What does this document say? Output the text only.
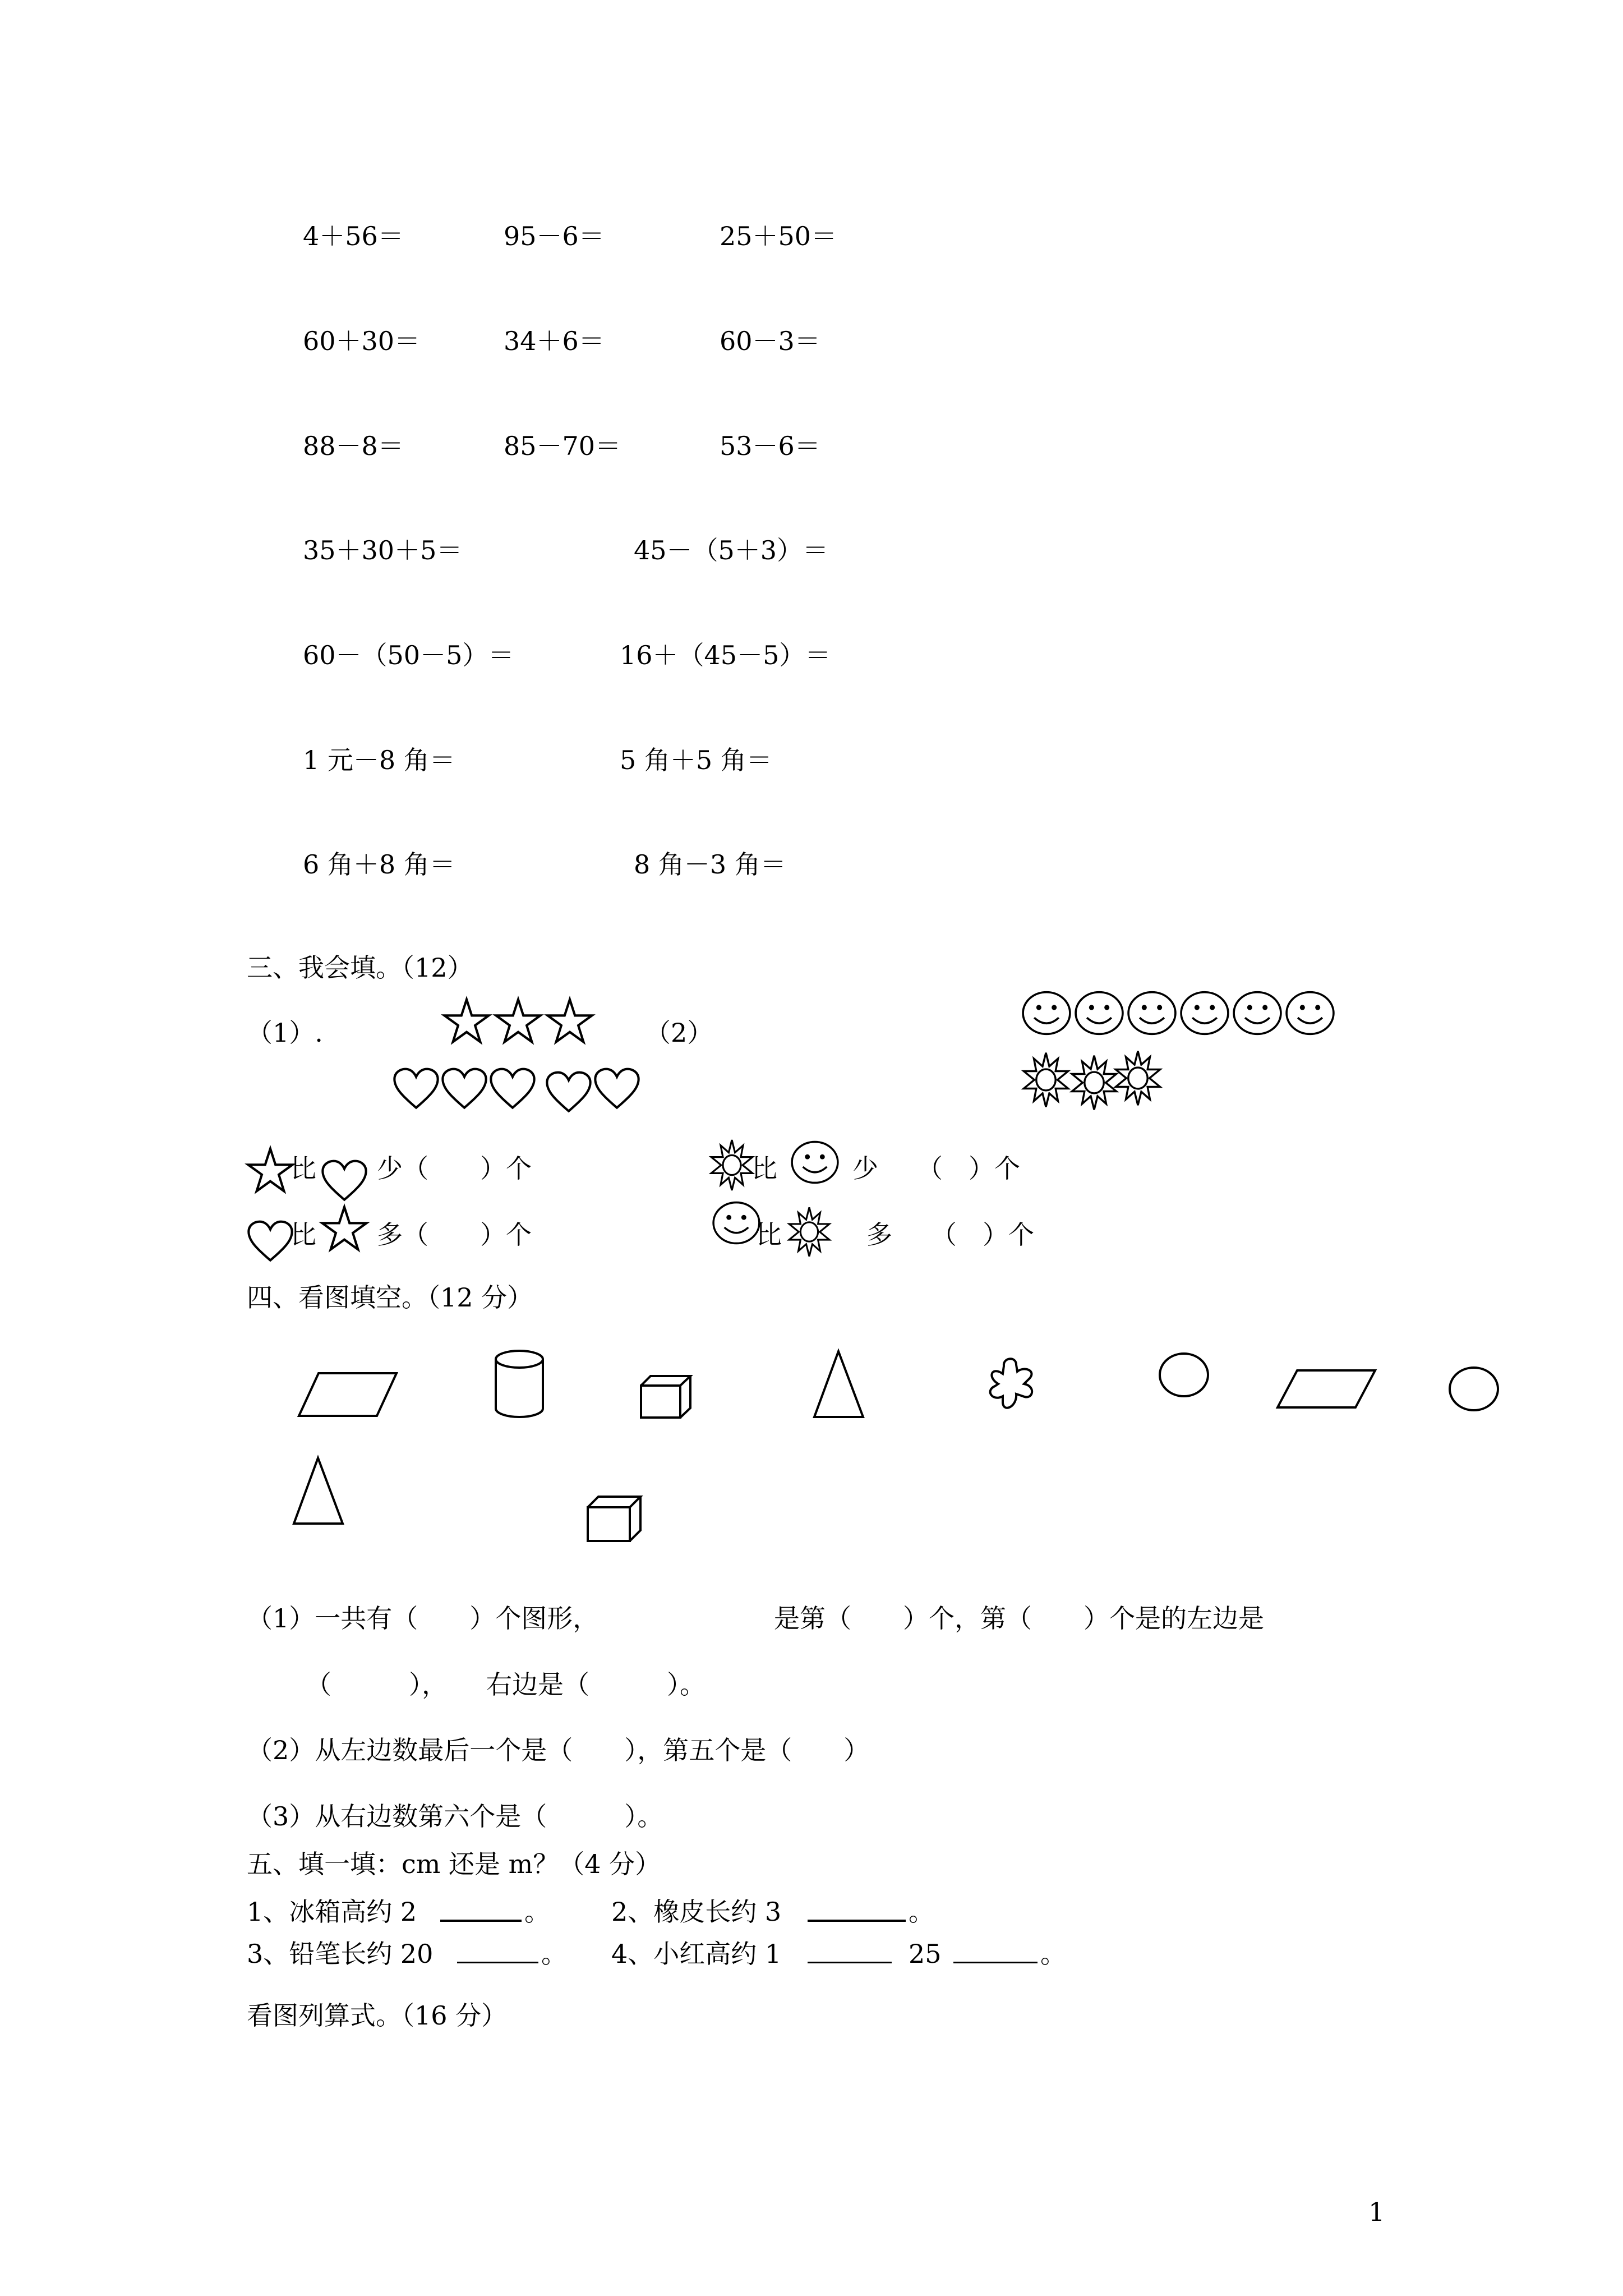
4＋56＝	95－6＝	25＋50＝
60＋30＝	34＋6＝	60－3＝
88－8＝	85－70＝	53－6＝
35＋30＋5＝	45－（5＋3）＝
60－（50－5）＝	16＋（45－5）＝
1 元－8 角＝	5 角＋5 角＝
6 角＋8 角＝	8 角－3 角＝
三、我会填。（12）
（1）.	（2）
比 少（　　）个
比 多（　　）个
比	少　　（　）个
比	多　　（　）个
四、看图填空。（12 分）
（1）一共有（　　）个图形，	是第（　　）个，第（　　）个是的左边是
（　　　），　　右边是（　　　）。
（2）从左边数最后一个是（　　），第五个是（　　）
（3）从右边数第六个是（　　　）。
五、填一填：cm 还是 m？（4 分）
1、冰箱高约 2	。 2、橡皮长约 3	。
3、铅笔长约 20	。 4、小红高约 1	25	。
看图列算式。（16 分）
1
